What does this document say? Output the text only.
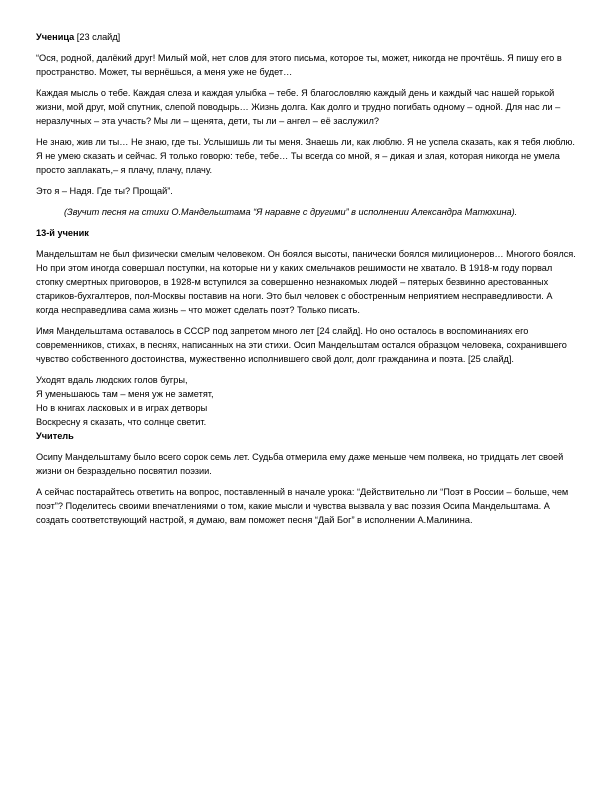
Ученица [23 слайд]

“Ося, родной, далёкий друг! Милый мой, нет слов для этого письма, которое ты, может, никогда не прочтёшь. Я пишу его в пространство. Может, ты вернёшься, а меня уже не будет…

Каждая мысль о тебе. Каждая слеза и каждая улыбка – тебе. Я благословляю каждый день и каждый час нашей горькой жизни, мой друг, мой спутник, слепой поводырь… Жизнь долга. Как долго и трудно погибать одному – одной. Для нас ли – неразлучных – эта участь? Мы ли – щенята, дети, ты ли – ангел – её заслужил?

Не знаю, жив ли ты… Не знаю, где ты. Услышишь ли ты меня. Знаешь ли, как люблю. Я не успела сказать, как я тебя люблю. Я не умею сказать и сейчас. Я только говорю: тебе, тебе… Ты всегда со мной, я – дикая и злая, которая никогда не умела просто заплакать,– я плачу, плачу, плачу.

Это я – Надя. Где ты? Прощай”.

(Звучит песня на стихи О.Мандельштама “Я наравне с другими” в исполнении Александра Матюхина).

13-й ученик

Мандельштам не был физически смелым человеком. Он боялся высоты, панически боялся милиционеров… Многого боялся. Но при этом иногда совершал поступки, на которые ни у каких смельчаков решимости не хватало. В 1918-м году порвал стопку смертных приговоров, в 1928-м вступился за совершенно незнакомых людей – пятерых безвинно арестованных стариков-бухгалтеров, пол-Москвы поставив на ноги. Это был человек с обостренным неприятием несправедливости. А когда несправедлива сама жизнь – что может сделать поэт? Только писать.

Имя Мандельштама оставалось в СССР под запретом много лет [24 слайд]. Но оно осталось в воспоминаниях его современников, стихах, в песнях, написанных на эти стихи. Осип Мандельштам остался образцом человека, сохранившего чувство собственного достоинства, мужественно исполнившего свой долг, долг гражданина и поэта. [25 слайд].

Уходят вдаль людских голов бугры,
Я уменьшаюсь там – меня уж не заметят,
Но в книгах ласковых и в играх детворы
Воскресну я сказать, что солнце светит.

Учитель

Осипу Мандельштаму было всего сорок семь лет. Судьба отмерила ему даже меньше чем полвека, но тридцать лет своей жизни он безраздельно посвятил поэзии.

А сейчас постарайтесь ответить на вопрос, поставленный в начале урока: “Действительно ли “Поэт в России – больше, чем поэт”? Поделитесь своими впечатлениями о том, какие мысли и чувства вызвала у вас поэзия Осипа Мандельштама. А создать соответствующий настрой, я думаю, вам поможет песня “Дай Бог” в исполнении А.Малинина.
